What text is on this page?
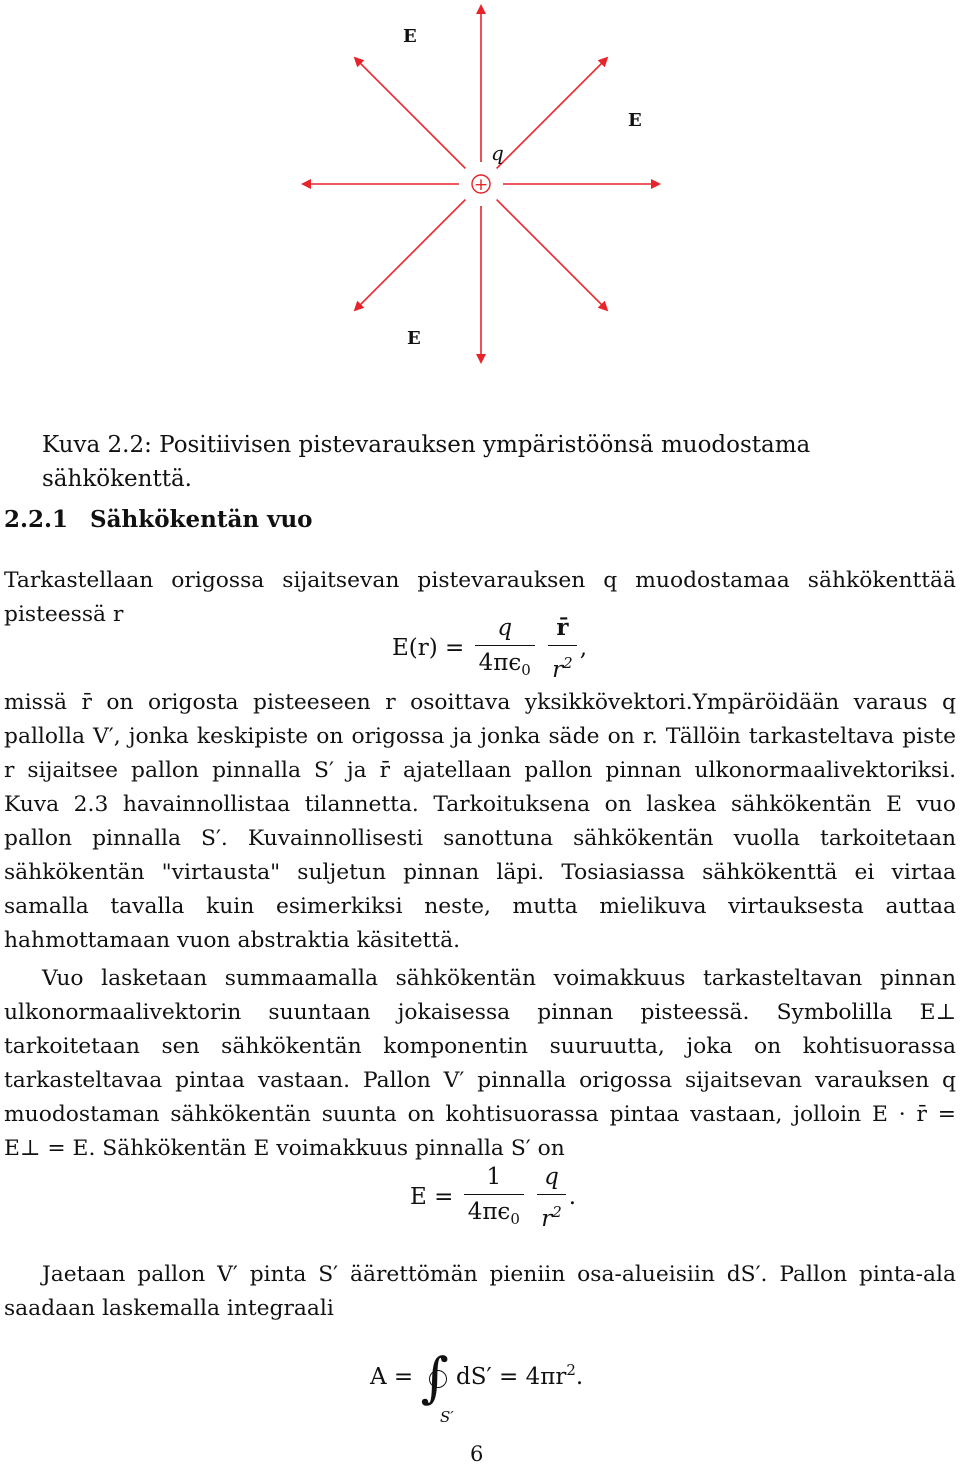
+
q
E
E
E
Kuva 2.2: Positiivisen pistevarauksen ympäristöönsä muodostama sähkökenttä.
2.2.1 Sähkökentän vuo

Tarkastellaan origossa sijaitsevan pistevarauksen q muodostamaa sähkökenttää pisteessä r

$E(r) = \frac{q}{4\pi\epsilon_0}$
$\frac{r̄}{r^2}$ ,

missä r̄ on origosta pisteeseen r osoittava yksikkövektori.Ympäröidään varaus q pallolla V′, jonka keskipiste on origossa ja jonka säde on r. Tällöin tarkasteltava piste r sijaitsee pallon pinnalla S′ ja r̄ ajatellaan pallon pinnan ulkonormaalivektoriksi. Kuva 2.3 havainnollistaa tilannetta. Tarkoituksena on laskea sähkökentän E vuo pallon pinnalla S′. Kuvainnollisesti sanottuna sähkökentän vuolla tarkoitetaan sähkökentän "virtausta" suljetun pinnan läpi. Tosiasiassa sähkökenttä ei virtaa samalla tavalla kuin esimerkiksi neste, mutta mielikuva virtauksesta auttaa hahmottamaan vuon abstraktia käsitettä.

Vuo lasketaan summaamalla sähkökentän voimakkuus tarkasteltavan pinnan ulkonormaalivektorin suuntaan jokaisessa pinnan pisteessä. Symbolilla E⊥ tarkoitetaan sen sähkökentän komponentin suuruutta, joka on kohtisuorassa tarkasteltavaa pintaa vastaan. Pallon V′ pinnalla origossa sijaitsevan varauksen q muodostaman sähkökentän suunta on kohtisuorassa pintaa vastaan, jolloin E · r̄ = E⊥ = E. Sähkökentän E voimakkuus pinnalla S′ on

$E = \frac{1}{4\pi\epsilon_0}$
$\frac{q}{r^2}$ .

Jaetaan pallon V′ pinta S′ äärettömän pieniin osa-alueisiin dS′. Pallon pinta-ala saadaan laskemalla integraali

A = ∫

S′
$dS' = 4\pi r^2$.
6
